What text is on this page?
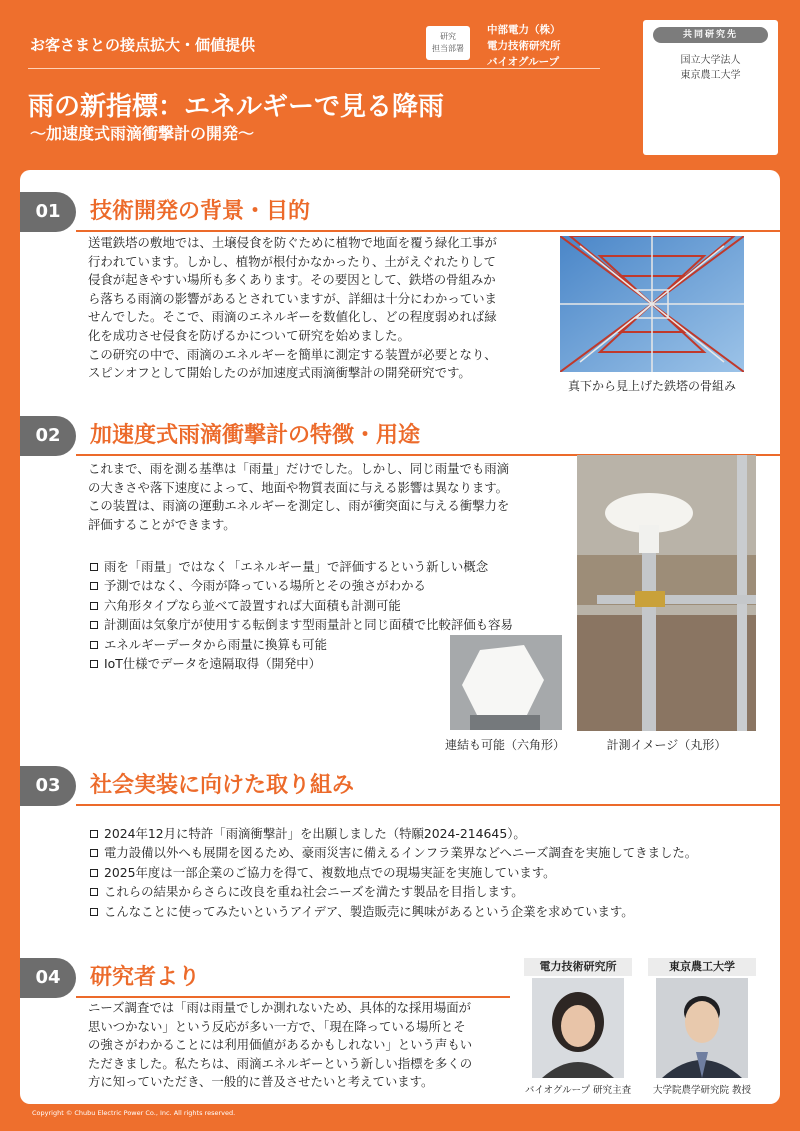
お客さまとの接点拡大・価値提供	研究
担当部署
中部電力（株）
電力技術研究所
バイオグループ
雨の新指標：エネルギーで見る降雨
～加速度式雨滴衝撃計の開発～
共同研究先
国立大学法人
東京農工大学
01	技術開発の背景・目的
送電鉄塔の敷地では、土壌侵食を防ぐために植物で地面を覆う緑化工事が
行われています。しかし、植物が根付かなかったり、土がえぐれたりして
侵食が起きやすい場所も多くあります。その要因として、鉄塔の骨組みか
ら落ちる雨滴の影響があるとされていますが、詳細は十分にわかっていま
せんでした。そこで、雨滴のエネルギーを数値化し、どの程度弱めれば緑
化を成功させ侵食を防げるかについて研究を始めました。
この研究の中で、雨滴のエネルギーを簡単に測定する装置が必要となり、
スピンオフとして開始したのが加速度式雨滴衝撃計の開発研究です。
真下から見上げた鉄塔の骨組み
02	加速度式雨滴衝撃計の特徴・用途
これまで、雨を測る基準は「雨量」だけでした。しかし、同じ雨量でも雨滴
の大きさや落下速度によって、地面や物質表面に与える影響は異なります。
この装置は、雨滴の運動エネルギーを測定し、雨が衝突面に与える衝撃力を
評価することができます。
雨を「雨量」ではなく「エネルギー量」で評価するという新しい概念
予測ではなく、今雨が降っている場所とその強さがわかる
六角形タイプなら並べて設置すれば大面積も計測可能
計測面は気象庁が使用する転倒ます型雨量計と同じ面積で比較評価も容易
エネルギーデータから雨量に換算も可能
IoT仕様でデータを遠隔取得（開発中）
連結も可能（六角形）	計測イメージ（丸形）
03	社会実装に向けた取り組み
2024年12月に特許「雨滴衝撃計」を出願しました（特願2024-214645）。
電力設備以外へも展開を図るため、豪雨災害に備えるインフラ業界などへニーズ調査を実施してきました。
2025年度は一部企業のご協力を得て、複数地点での現場実証を実施しています。
これらの結果からさらに改良を重ね社会ニーズを満たす製品を目指します。
こんなことに使ってみたいというアイデア、製造販売に興味があるという企業を求めています。
04	研究者より
ニーズ調査では「雨は雨量でしか測れないため、具体的な採用場面が
思いつかない」という反応が多い一方で、「現在降っている場所とそ
の強さがわかることには利用価値があるかもしれない」という声もい
ただきました。私たちは、雨滴エネルギーという新しい指標を多くの
方に知っていただき、一般的に普及させたいと考えています。
電力技術研究所
バイオグループ 研究主査
東京農工大学
大学院農学研究院 教授
Copyright © Chubu Electric Power Co., Inc. All rights reserved.
